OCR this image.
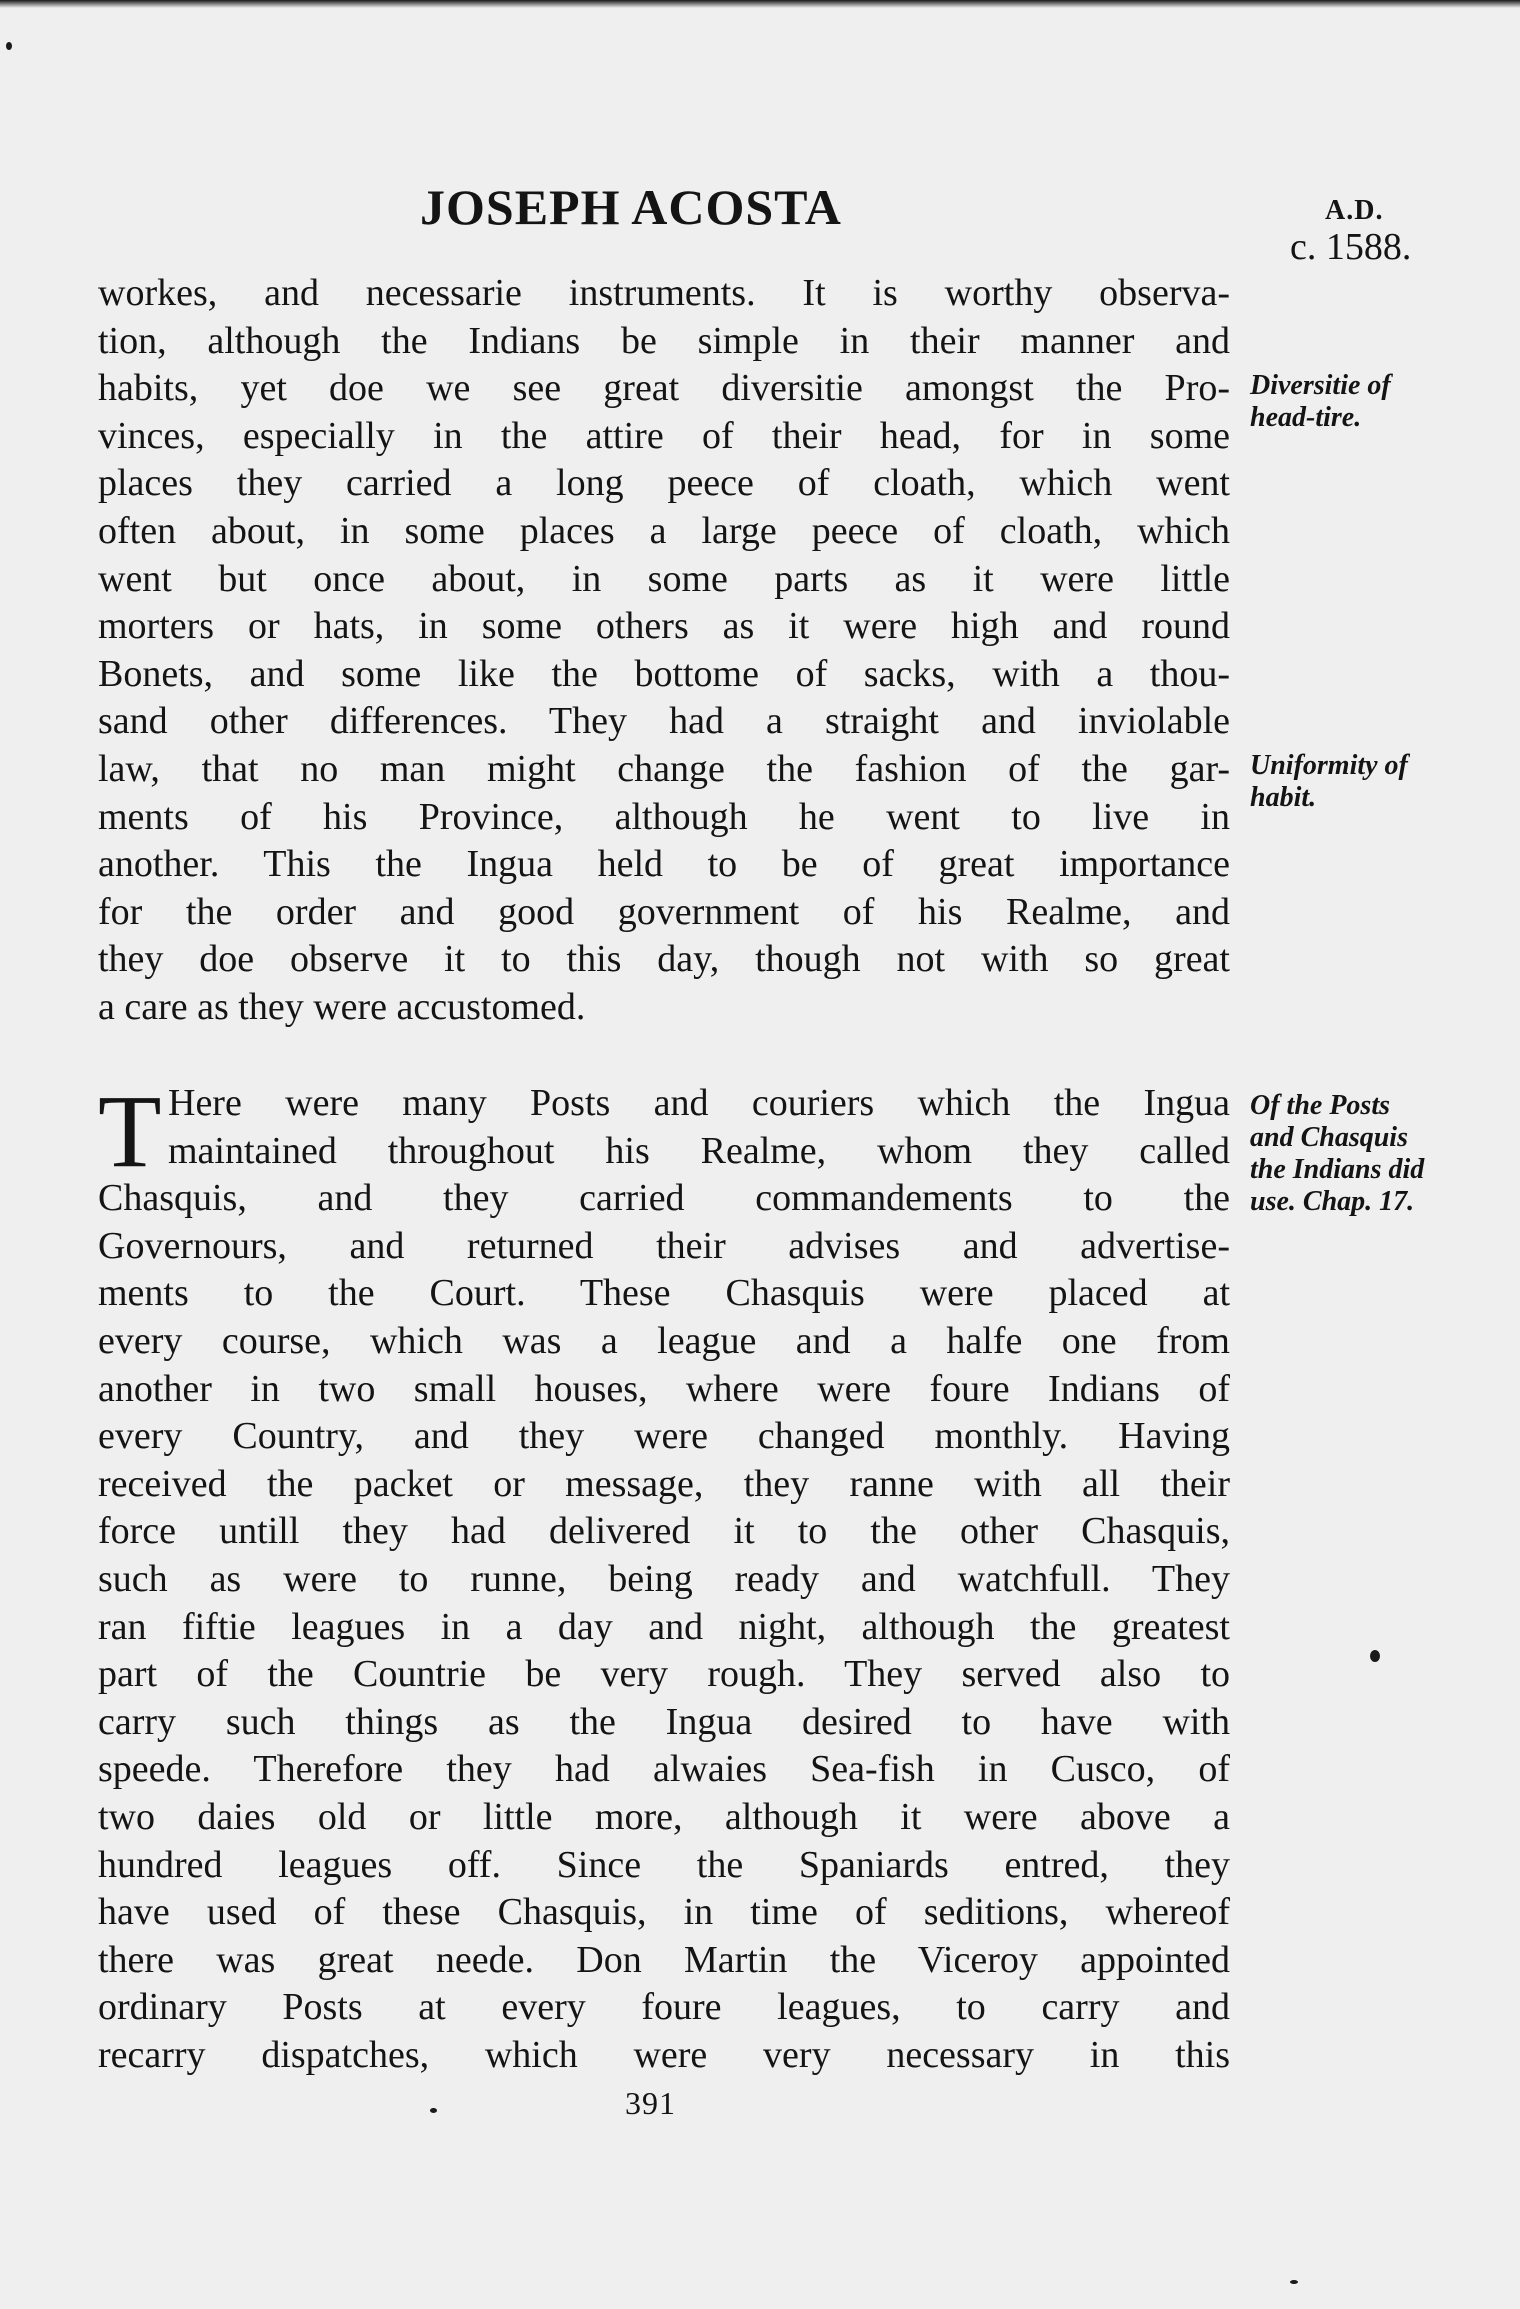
JOSEPH ACOSTA	A.D.
c. 1588.
workes, and necessarie instruments. It is worthy observa-
tion, although the Indians be simple in their manner and
habits, yet doe we see great diversitie amongst the Pro-
vinces, especially in the attire of their head, for in some
places they carried a long peece of cloath, which went
often about, in some places a large peece of cloath, which
went but once about, in some parts as it were little
morters or hats, in some others as it were high and round
Bonets, and some like the bottome of sacks, with a thou-
sand other differences. They had a straight and inviolable
law, that no man might change the fashion of the gar-
ments of his Province, although he went to live in
another. This the Ingua held to be of great importance
for the order and good government of his Realme, and
they doe observe it to this day, though not with so great
a care as they were accustomed.
T Here were many Posts and couriers which the Ingua
maintained throughout his Realme, whom they called
Chasquis, and they carried commandements to the
Governours, and returned their advises and advertise-
ments to the Court. These Chasquis were placed at
every course, which was a league and a halfe one from
another in two small houses, where were foure Indians of
every Country, and they were changed monthly. Having
received the packet or message, they ranne with all their
force untill they had delivered it to the other Chasquis,
such as were to runne, being ready and watchfull. They
ran fiftie leagues in a day and night, although the greatest
part of the Countrie be very rough. They served also to
carry such things as the Ingua desired to have with
speede. Therefore they had alwaies Sea-fish in Cusco, of
two daies old or little more, although it were above a
hundred leagues off. Since the Spaniards entred, they
have used of these Chasquis, in time of seditions, whereof
there was great neede. Don Martin the Viceroy appointed
ordinary Posts at every foure leagues, to carry and
recarry dispatches, which were very necessary in this
Diversitie of
head-tire.
Uniformity of
habit.
Of the Posts
and Chasquis
the Indians did
use. Chap. 17.
391
